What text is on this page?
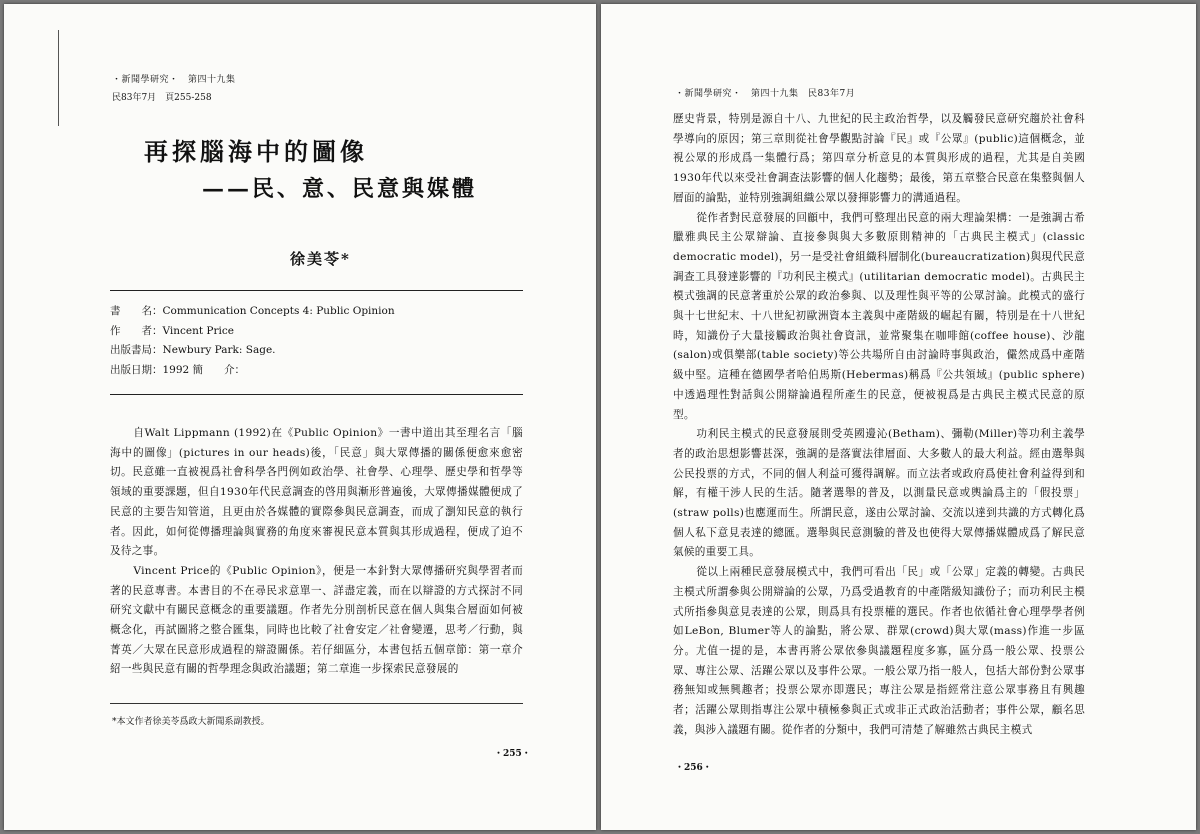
・新聞學研究・　第四十九集
民83年7月　頁255-258
再探腦海中的圖像
——民、意、民意與媒體
徐美苓*
書　　名：Communication Concepts 4: Public Opinion
作　　者：Vincent Price
出版書局：Newbury Park: Sage.
出版日期：1992 簡　　介：

自Walt Lippmann (1992)在《Public Opinion》一書中道出其至理名言「腦海中的圖像」(pictures in our heads)後，「民意」與大眾傳播的關係便愈來愈密切。民意雖一直被視爲社會科學各門例如政治學、社會學、心理學、歷史學和哲學等領域的重要課題，但自1930年代民意調查的啓用與漸形普遍後，大眾傳播媒體便成了民意的主要告知管道，且更由於各媒體的實際參與民意調查，而成了瀏知民意的執行者。因此，如何從傳播理論與實務的角度來審視民意本質與其形成過程，便成了迫不及待之事。

Vincent Price的《Public Opinion》，便是一本針對大眾傳播研究與學習者而著的民意專書。本書目的不在尋民求意單一、詳盡定義，而在以辯證的方式探討不同研究文獻中有關民意概念的重要議題。作者先分別剖析民意在個人與集合層面如何被概念化，再試圖將之整合匯集，同時也比較了社會安定／社會變遷，思考／行動，與菁英／大眾在民意形成過程的辯證關係。若仔細區分，本書包括五個章節：第一章介紹一些與民意有關的哲學理念與政治議題；第二章進一步探索民意發展的

*本文作者徐美苓爲政大新聞系副教授。
・255・
・新聞學研究・　第四十九集　民83年7月

歷史背景，特別是源自十八、九世紀的民主政治哲學，以及觸發民意研究趨於社會科學導向的原因；第三章則從社會學觀點討論『民』或『公眾』(public)這個概念，並視公眾的形成爲一集體行爲；第四章分析意見的本質與形成的過程，尤其是自美國1930年代以來受社會調查法影響的個人化趨勢；最後，第五章整合民意在集整與個人層面的論點，並特別強調組織公眾以發揮影響力的溝通過程。

從作者對民意發展的回顧中，我們可整理出民意的兩大理論架構：一是強調古希臘雅典民主公眾辯論、直接參與與大多數原則精神的「古典民主模式」(classic democratic model)，另一是受社會組織科層制化(bureaucratization)與現代民意調查工具發達影響的『功利民主模式』(utilitarian democratic model)。古典民主模式強調的民意著重於公眾的政治參與、以及理性與平等的公眾討論。此模式的盛行與十七世紀末、十八世紀初歐洲資本主義與中產階級的崛起有關，特別是在十八世紀時，知識份子大量接觸政治與社會資訊，並常聚集在咖啡館(coffee house)、沙龍(salon)或俱樂部(table society)等公共場所自由討論時事與政治，儼然成爲中產階級中堅。這種在德國學者哈伯馬斯(Hebermas)稱爲『公共領域』(public sphere)中透過理性對話與公開辯論過程所產生的民意，便被視爲是古典民主模式民意的原型。

功利民主模式的民意發展則受英國邊沁(Betham)、彌勒(Miller)等功利主義學者的政治思想影響甚深，強調的是落實法律層面、大多數人的最大利益。經由選舉與公民投票的方式，不同的個人利益可獲得調解。而立法者或政府爲使社會利益得到和解，有權干涉人民的生活。隨著選舉的普及，以測量民意或輿論爲主的「假投票」(straw polls)也應運而生。所謂民意，遂由公眾討論、交流以達到共識的方式轉化爲個人私下意見表達的總匯。選舉與民意測驗的普及也使得大眾傳播媒體成爲了解民意氣候的重要工具。

從以上兩種民意發展模式中，我們可看出「民」或「公眾」定義的轉變。古典民主模式所謂參與公開辯論的公眾，乃爲受過教育的中產階級知識份子；而功利民主模式所指參與意見表達的公眾，則爲具有投票權的選民。作者也依循社會心理學學者例如LeBon, Blumer等人的論點，將公眾、群眾(crowd)與大眾(mass)作進一步區分。尤值一提的是，本書再將公眾依參與議題程度多寡，區分爲一般公眾、投票公眾、專注公眾、活躍公眾以及事件公眾。一般公眾乃指一般人，包括大部份對公眾事務無知或無興趣者；投票公眾亦即選民；專注公眾是指經常注意公眾事務且有興趣者；活躍公眾則指專注公眾中積極參與正式或非正式政治活動者；事件公眾，顧名思義，與涉入議題有關。從作者的分類中，我們可清楚了解雖然古典民主模式

・256・
